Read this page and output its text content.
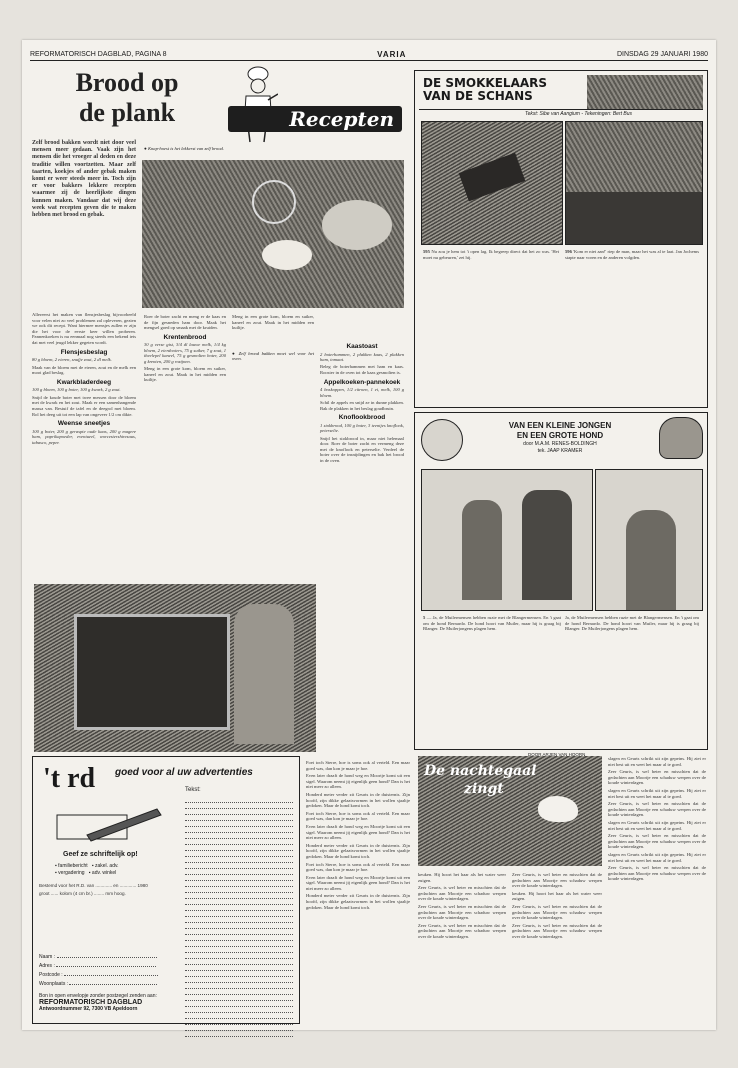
REFORMATORISCH DAGBLAD, PAGINA 8	VARIA	DINSDAG 29 JANUARI 1980
Brood op
de plank	Recepten

Zelf brood bakken wordt niet door veel mensen meer gedaan. Vaak zijn het mensen die het vroeger al deden en deze traditie willen voortzetten. Maar zelf taarten, koekjes of ander gebak maken komt er weer steeds meer in. Toch zijn er voor bakkers lekkere recepten waarmee zij de heerlijkste dingen kunnen maken. Vandaar dat wij deze week wat recepten geven die te maken hebben met brood en gebak.

Allereerst het maken van flensjesbeslag bijvoorbeeld voor velen niet zo veel problemen zal opleveren, gezien we ook dit recept. Want hiermee mensjes zullen er zijn die het voor de eerste keer willen proberen. Pannenkoeken is nu eenmaal nog steeds een bekend iets dat met veel jeugd lekker gegeten wordt.

Flensjesbeslag

80 g bloem, 2 eieren, snufje zout, 2 dl melk.

Maak van de bloem met de eieren, zout en de melk een mooi glad beslag.

Kwarkbladerdeeg

100 g bloem, 100 g boter, 100 g kwark, 2 g zout.

Snijd de koude boter met twee messen door de bloem met de kwark en het zout. Maak er een samenhangende massa van. Bestuif de tafel en de deegrol met bloem. Rol het deeg uit tot een lap van ongeveer 1/2 cm dikte.

Weense sneetjes

100 g boter, 200 g geraspte oude kaas, 200 g magere ham, paprikapoeder, eventueel, worcestershiresaus, tabasco, peper.

● Knap-hoest is het lekkerst van zelf brood.

Roer de boter zacht en meng er de kaas en de fijn gesneden ham door. Maak het mengsel goed op smaak met de kruiden.

Krentenbrood

30 g verse gist, 3/4 dl lauwe melk, 1/4 kg bloem, 2 eierdooiers, 75 g suiker, 7 g zout, 1 theelepel kaneel, 75 g gesmolten boter, 200 g krenten, 200 g rozijnen.

Meng in een grote kom, bloem en suiker, kaneel en zout. Maak in het midden een kuiltje.

Meng in een grote kom, bloem en suiker, kaneel en zout. Maak in het midden een kuiltje.

● Zelf brood bakken moet wel voor het oven.
Kaastoast

2 boterhammen, 2 plakken kaas, 2 plakken ham, tomaat.

Beleg de boterhammen met ham en kaas. Rooster in de oven tot de kaas gesmolten is.

Appelkoeken-pannekoek

4 boskoppen, 1/2 citroen, 1 ei, melk, 100 g bloem.

Schil de appels en snijd ze in dunne plakken. Bak de plakken in het beslag goudbruin.

Knoflookbrood

1 stokbrood, 100 g boter, 3 teentjes knoflook, peterselie.

Snijd het stokbrood in, maar niet helemaal door. Roer de boter zacht en vermeng deze met de knoflook en peterselie. Verdeel de boter over de insnijdingen en bak het brood in de oven.

DE SMOKKELAARS
VAN DE SCHANS
Tekst: Sibe van Aangium - Tekeningen: Bert Bus
595 Nu zou je hem tot 't open lag. Ik begreep direct dat het zo was. 'Het moet nu gebeuren,' zei hij.
596 'Kom er niet aan!' riep de man, maar het was al te laat. Jan Jochems stapte naar voren en de anderen volgden.
VAN EEN KLEINE JONGEN
EN EEN GROTE HOND
door M.A.M. RENES-BOLDINGH
tek. JAAP KRAMER
5 — Ja, de Muilermensen hebben ruzie met de Blangermensen. En 't gaat om de hond Bernardo. De hond hoort van Muiler, maar hij is graag bij Blanger. De Muilerjongens plagen hem.
Ja, de Muilermensen hebben ruzie met de Blangermensen. En 't gaat om de hond Bernardo. De hond hoort van Muiler, maar hij is graag bij Blanger. De Muilerjongens plagen hem.
't rd goed voor al uw advertenties
Tekst:
Geef ze schriftelijk op!
▪ familiebericht ▪ zakel. adv.
▪ vergadering ▪ adv. winkel

Bestemd voor het R.D. van ............. en ............. 1980

groot ...... kolom (4 cm br.) ........ mm hoog.

Naam :
Adres :
Postcode :
Woonplaats :
Bon in open envelopje zonder postzegel zenden aan:
REFORMATORISCH DAGBLAD
Antwoordnummer 92, 7300 VB Apeldoorn

Foei toch Sterre, hoe is soms ook al verteld. Een maar goed was, dan kon je maar je hoe.

Even later draaft de hond weg en Moortje komt uit een sigel. Waarom neemt jij eigenlijk geen hond? Dan is het niet meer zo alleen.

Honderd meter verder zit Geurts in de duisternis. Zijn hoofd, zijn dikke gelaatsvormen in het wollen sjaaltje gedoken. Maar de hond komt toch.

Foei toch Sterre, hoe is soms ook al verteld. Een maar goed was, dan kon je maar je hoe.

Even later draaft de hond weg en Moortje komt uit een sigel. Waarom neemt jij eigenlijk geen hond? Dan is het niet meer zo alleen.

Honderd meter verder zit Geurts in de duisternis. Zijn hoofd, zijn dikke gelaatsvormen in het wollen sjaaltje gedoken. Maar de hond komt toch.

Foei toch Sterre, hoe is soms ook al verteld. Een maar goed was, dan kon je maar je hoe.

Even later draaft de hond weg en Moortje komt uit een sigel. Waarom neemt jij eigenlijk geen hond? Dan is het niet meer zo alleen.

Honderd meter verder zit Geurts in de duisternis. Zijn hoofd, zijn dikke gelaatsvormen in het wollen sjaaltje gedoken. Maar de hond komt toch.

De nachtegaal
zingt
DOOR ARJEN VAN HOORN

keuken. Hij hoort het haar als het water weer zuigen.

Zeer Geurts, is wel beter en misschien dat de gedachten aan Moortje een schaduw werpen over de koude winterdagen.

Zeer Geurts, is wel beter en misschien dat de gedachten aan Moortje een schaduw werpen over de koude winterdagen.

Zeer Geurts, is wel beter en misschien dat de gedachten aan Moortje een schaduw werpen over de koude winterdagen.

Zeer Geurts, is wel beter en misschien dat de gedachten aan Moortje een schaduw werpen over de koude winterdagen.

keuken. Hij hoort het haar als het water weer zuigen.

Zeer Geurts, is wel beter en misschien dat de gedachten aan Moortje een schaduw werpen over de koude winterdagen.

Zeer Geurts, is wel beter en misschien dat de gedachten aan Moortje een schaduw werpen over de koude winterdagen.

slagen en Geurts schrikt uit zijn gepeins. Hij ziet er niet best uit en weet het maar al te goed.

Zeer Geurts, is wel beter en misschien dat de gedachten aan Moortje een schaduw werpen over de koude winterdagen.

slagen en Geurts schrikt uit zijn gepeins. Hij ziet er niet best uit en weet het maar al te goed.

Zeer Geurts, is wel beter en misschien dat de gedachten aan Moortje een schaduw werpen over de koude winterdagen.

slagen en Geurts schrikt uit zijn gepeins. Hij ziet er niet best uit en weet het maar al te goed.

Zeer Geurts, is wel beter en misschien dat de gedachten aan Moortje een schaduw werpen over de koude winterdagen.

slagen en Geurts schrikt uit zijn gepeins. Hij ziet er niet best uit en weet het maar al te goed.

Zeer Geurts, is wel beter en misschien dat de gedachten aan Moortje een schaduw werpen over de koude winterdagen.
